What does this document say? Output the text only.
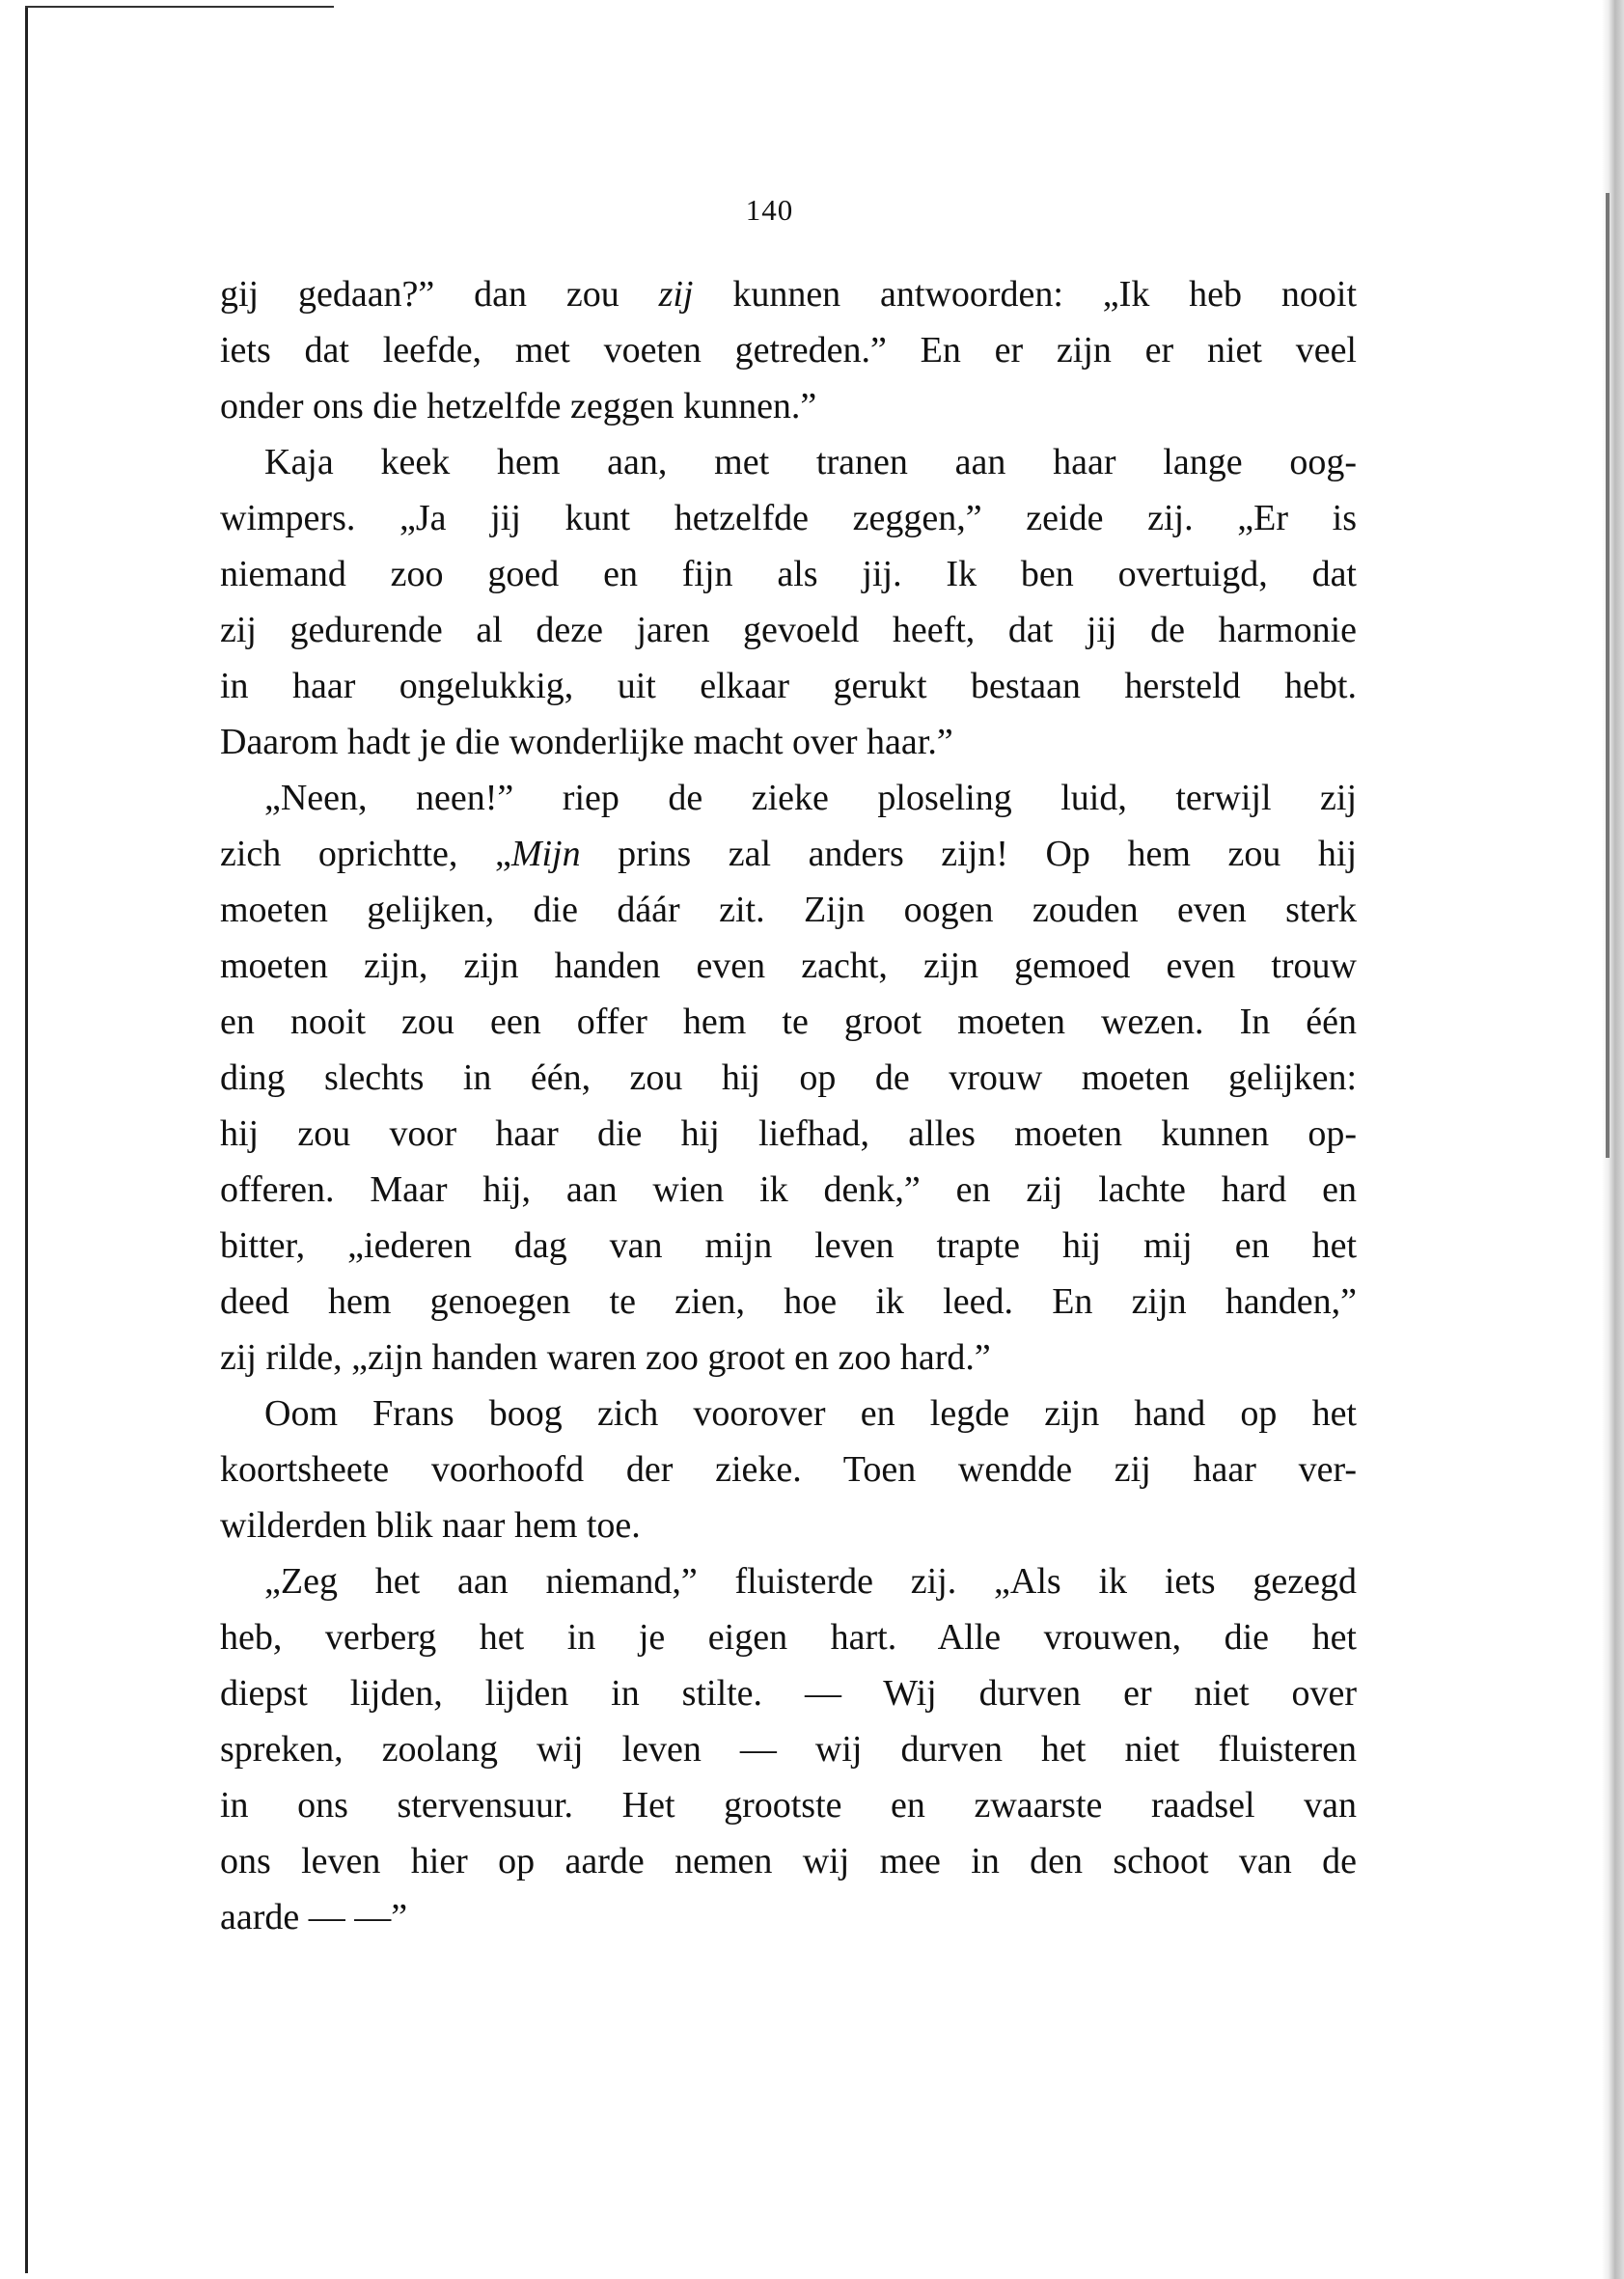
140
gij gedaan?” dan zou zij kunnen antwoorden: „Ik heb nooit
iets dat leefde, met voeten getreden.” En er zijn er niet veel
onder ons die hetzelfde zeggen kunnen.”
Kaja keek hem aan, met tranen aan haar lange oog-
wimpers. „Ja jij kunt hetzelfde zeggen,” zeide zij. „Er is
niemand zoo goed en fijn als jij. Ik ben overtuigd, dat
zij gedurende al deze jaren gevoeld heeft, dat jij de harmonie
in haar ongelukkig, uit elkaar gerukt bestaan hersteld hebt.
Daarom hadt je die wonderlijke macht over haar.”
„Neen, neen!” riep de zieke ploseling luid, terwijl zij
zich oprichtte, „Mijn prins zal anders zijn! Op hem zou hij
moeten gelijken, die dáár zit. Zijn oogen zouden even sterk
moeten zijn, zijn handen even zacht, zijn gemoed even trouw
en nooit zou een offer hem te groot moeten wezen. In één
ding slechts in één, zou hij op de vrouw moeten gelijken:
hij zou voor haar die hij liefhad, alles moeten kunnen op-
offeren. Maar hij, aan wien ik denk,” en zij lachte hard en
bitter, „iederen dag van mijn leven trapte hij mij en het
deed hem genoegen te zien, hoe ik leed. En zijn handen,”
zij rilde, „zijn handen waren zoo groot en zoo hard.”
Oom Frans boog zich voorover en legde zijn hand op het
koortsheete voorhoofd der zieke. Toen wendde zij haar ver-
wilderden blik naar hem toe.
„Zeg het aan niemand,” fluisterde zij. „Als ik iets gezegd
heb, verberg het in je eigen hart. Alle vrouwen, die het
diepst lijden, lijden in stilte. — Wij durven er niet over
spreken, zoolang wij leven — wij durven het niet fluisteren
in ons stervensuur. Het grootste en zwaarste raadsel van
ons leven hier op aarde nemen wij mee in den schoot van de
aarde — —”
